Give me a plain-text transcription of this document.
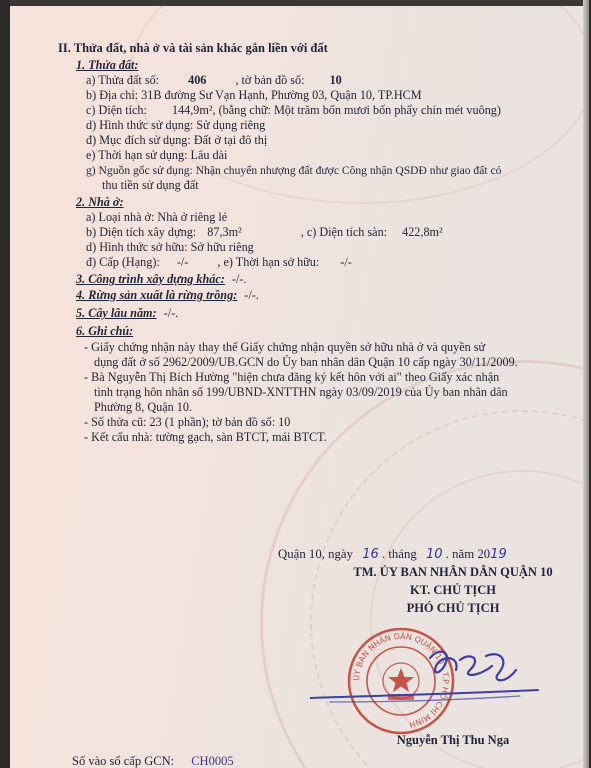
II. Thửa đất, nhà ở và tài sản khác gắn liền với đất
1. Thửa đất:
a) Thửa đất số: 406 , tờ bản đồ số: 10
b) Địa chỉ: 31B đường Sư Vạn Hạnh, Phường 03, Quận 10, TP.HCM
c) Diện tích: 144,9m², (bằng chữ: Một trăm bốn mươi bốn phẩy chín mét vuông)
d) Hình thức sử dụng: Sử dụng riêng
đ) Mục đích sử dụng: Đất ở tại đô thị
e) Thời hạn sử dụng: Lâu dài
g) Nguồn gốc sử dụng: Nhận chuyển nhượng đất được Công nhận QSDĐ như giao đất có
thu tiền sử dụng đất
2. Nhà ở:
a) Loại nhà ở: Nhà ở riêng lẻ
b) Diện tích xây dựng: 87,3m²	, c) Diện tích sàn: 422,8m²
d) Hình thức sở hữu: Sở hữu riêng
đ) Cấp (Hạng): -/- , e) Thời hạn sở hữu: -/-
3. Công trình xây dựng khác: -/-.
4. Rừng sản xuất là rừng trồng: -/-.
5. Cây lâu năm: -/-.
6. Ghi chú:
- Giấy chứng nhận này thay thế Giấy chứng nhận quyền sở hữu nhà ở và quyền sử
dụng đất ở số 2962/2009/UB.GCN do Ủy ban nhân dân Quận 10 cấp ngày 30/11/2009.
- Bà Nguyễn Thị Bích Hường "hiện chưa đăng ký kết hôn với ai" theo Giấy xác nhận
tình trạng hôn nhân số 199/UBND-XNTTHN ngày 03/09/2019 của Ủy ban nhân dân
Phường 8, Quận 10.
- Số thửa cũ: 23 (1 phần); tờ bản đồ số: 10
- Kết cấu nhà: tường gạch, sàn BTCT, mái BTCT.
Quận 10, ngày 16 . tháng 10 . năm 2019
TM. ỦY BAN NHÂN DÂN QUẬN 10
KT. CHỦ TỊCH
PHÓ CHỦ TỊCH
ỦY BAN NHÂN DÂN QUẬN 10 - T.P HỒ CHÍ MINH
Nguyễn Thị Thu Nga
Số vào sổ cấp GCN: CH0005
